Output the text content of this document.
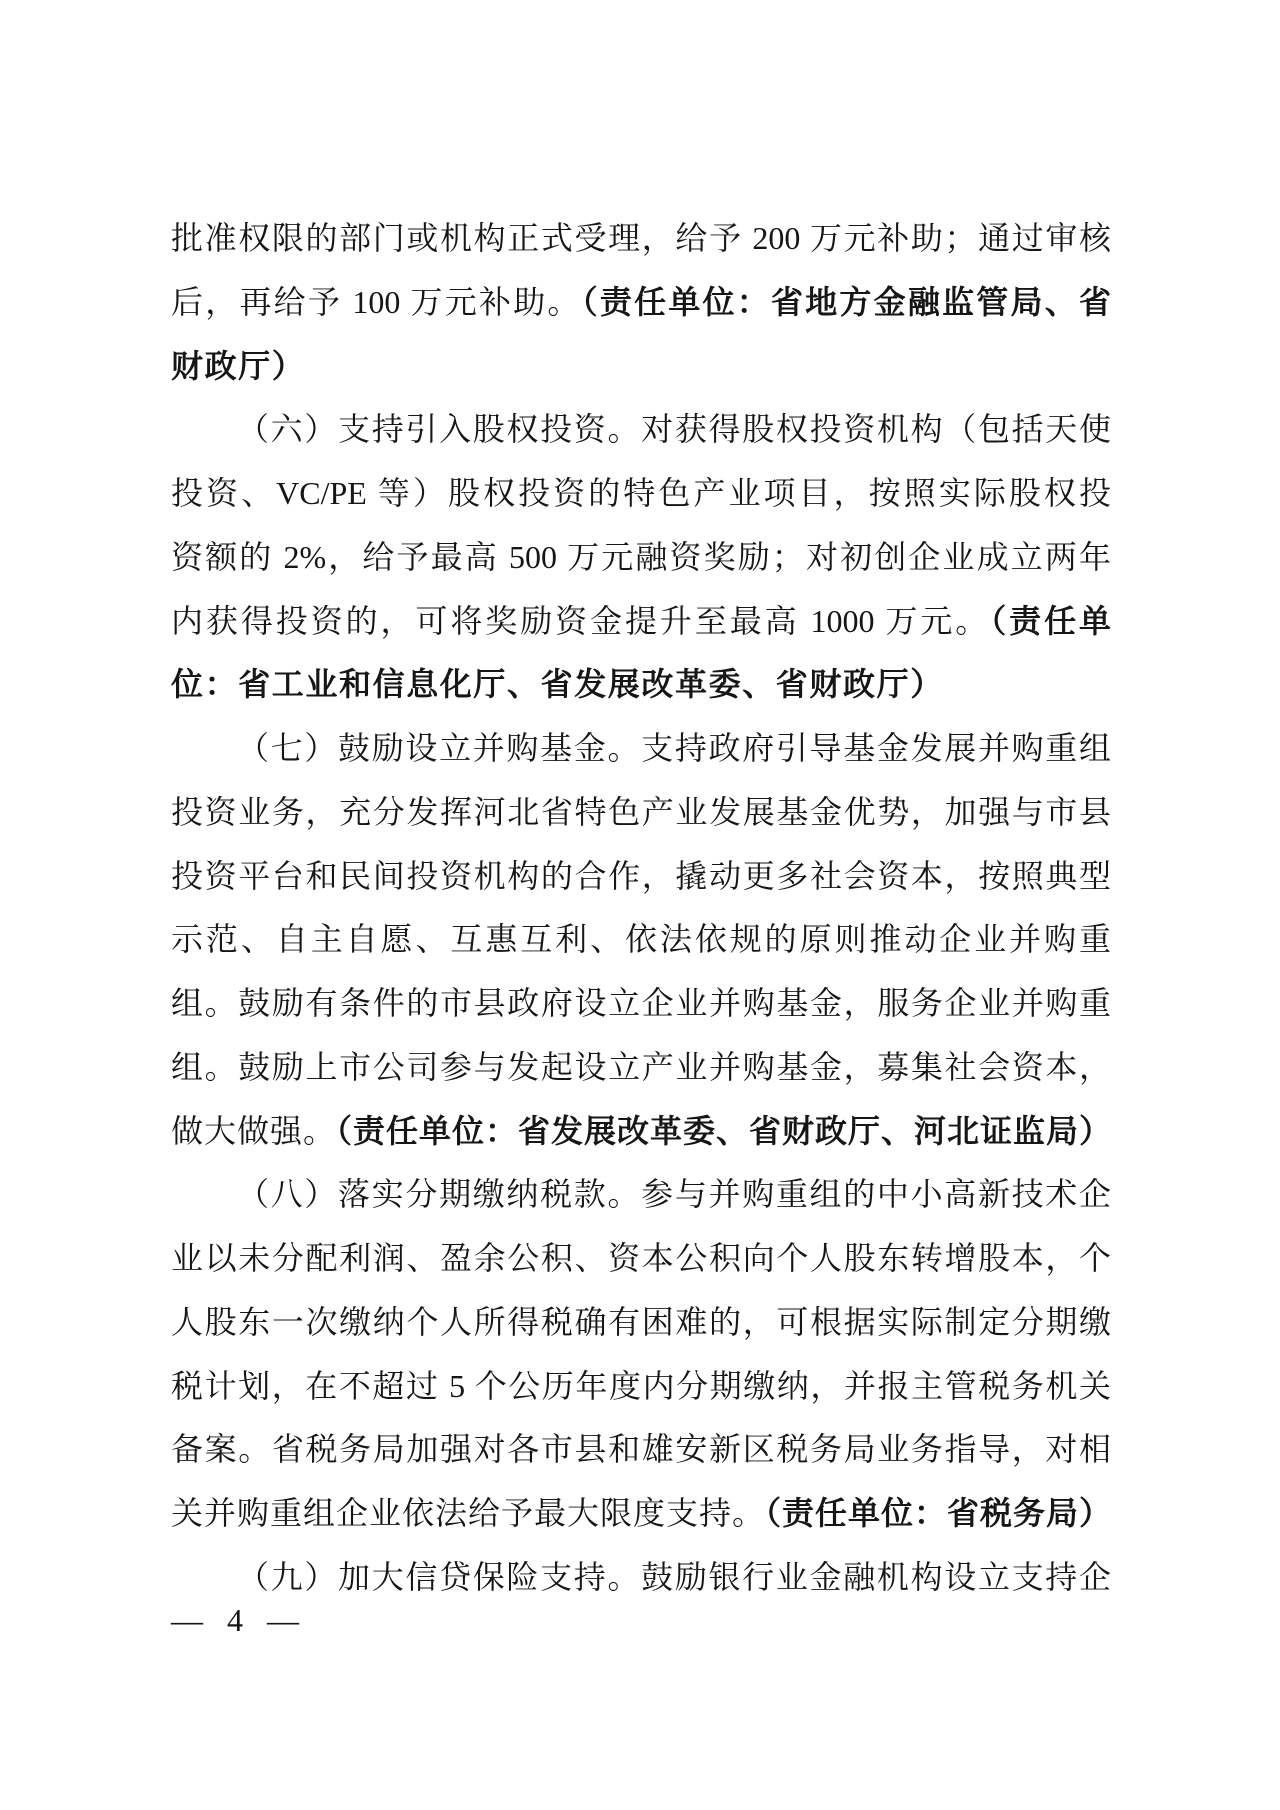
批准权限的部门或机构正式受理，给予 200 万元补助；通过审核
后，再给予 100 万元补助。（责任单位：省地方金融监管局、省
财政厅）
（六）支持引入股权投资。对获得股权投资机构（包括天使
投资、VC/PE 等）股权投资的特色产业项目，按照实际股权投
资额的 2%，给予最高 500 万元融资奖励；对初创企业成立两年
内获得投资的，可将奖励资金提升至最高 1000 万元。（责任单
位：省工业和信息化厅、省发展改革委、省财政厅）
（七）鼓励设立并购基金。支持政府引导基金发展并购重组
投资业务，充分发挥河北省特色产业发展基金优势，加强与市县
投资平台和民间投资机构的合作，撬动更多社会资本，按照典型
示范、自主自愿、互惠互利、依法依规的原则推动企业并购重
组。鼓励有条件的市县政府设立企业并购基金，服务企业并购重
组。鼓励上市公司参与发起设立产业并购基金，募集社会资本，
做大做强。（责任单位：省发展改革委、省财政厅、河北证监局）
（八）落实分期缴纳税款。参与并购重组的中小高新技术企
业以未分配利润、盈余公积、资本公积向个人股东转增股本，个
人股东一次缴纳个人所得税确有困难的，可根据实际制定分期缴
税计划，在不超过 5 个公历年度内分期缴纳，并报主管税务机关
备案。省税务局加强对各市县和雄安新区税务局业务指导，对相
关并购重组企业依法给予最大限度支持。（责任单位：省税务局）
（九）加大信贷保险支持。鼓励银行业金融机构设立支持企
— 4 —
